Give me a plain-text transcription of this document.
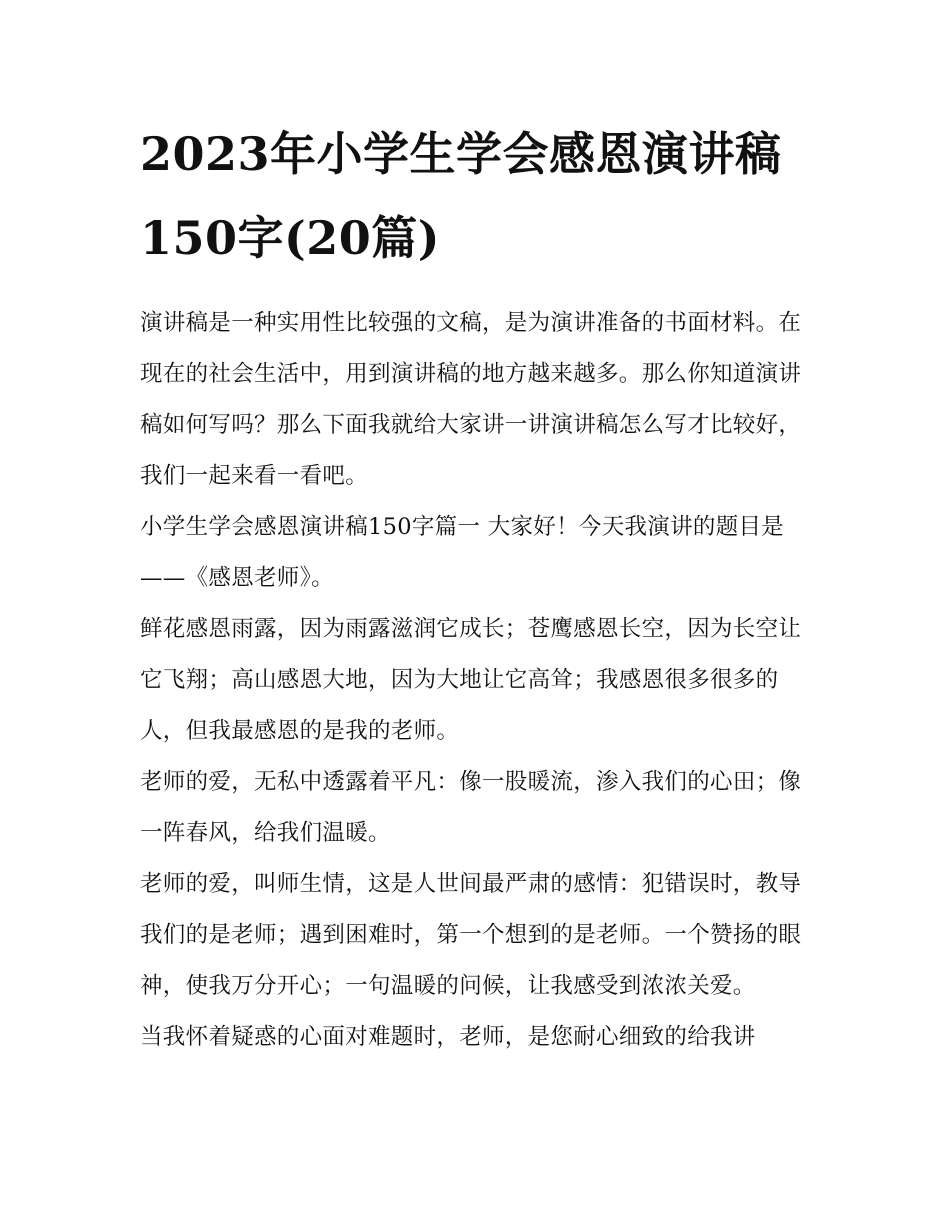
2023年小学生学会感恩演讲稿150字(20篇)

演讲稿是一种实用性比较强的文稿，是为演讲准备的书面材料。在现在的社会生活中，用到演讲稿的地方越来越多。那么你知道演讲稿如何写吗？那么下面我就给大家讲一讲演讲稿怎么写才比较好，我们一起来看一看吧。

小学生学会感恩演讲稿150字篇一 大家好！今天我演讲的题目是——《感恩老师》。

鲜花感恩雨露，因为雨露滋润它成长；苍鹰感恩长空，因为长空让它飞翔；高山感恩大地，因为大地让它高耸；我感恩很多很多的人，但我最感恩的是我的老师。

老师的爱，无私中透露着平凡：像一股暖流，渗入我们的心田；像一阵春风，给我们温暖。

老师的爱，叫师生情，这是人世间最严肃的感情：犯错误时，教导我们的是老师；遇到困难时，第一个想到的是老师。一个赞扬的眼神，使我万分开心；一句温暖的问候，让我感受到浓浓关爱。

当我怀着疑惑的心面对难题时，老师，是您耐心细致的给我讲
